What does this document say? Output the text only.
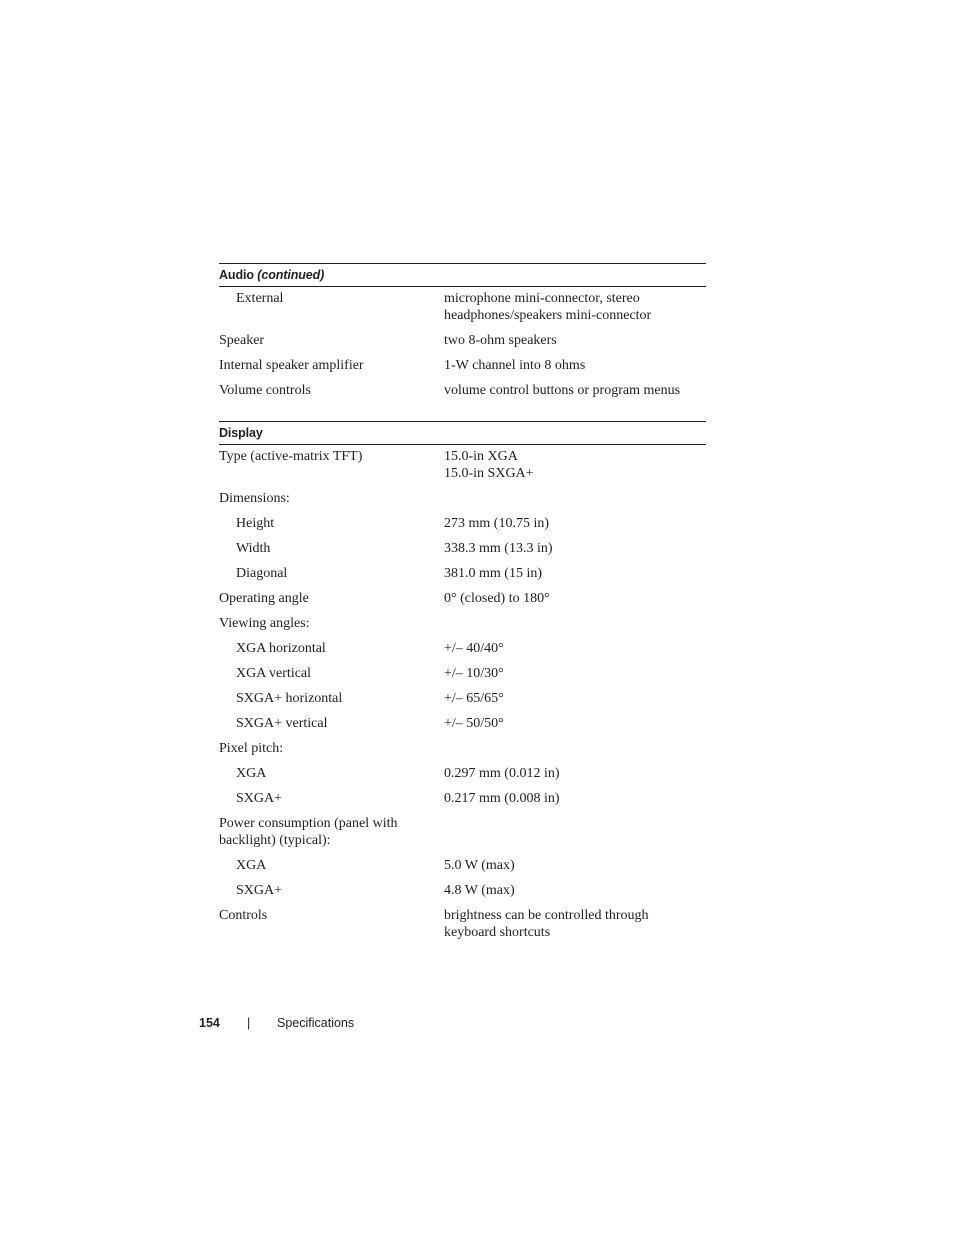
Audio (continued)
External	microphone mini-connector, stereo
headphones/speakers mini-connector
Speaker	two 8-ohm speakers
Internal speaker amplifier	1-W channel into 8 ohms
Volume controls	volume control buttons or program menus
Display
Type (active-matrix TFT)	15.0-in XGA
15.0-in SXGA+
Dimensions:
Height	273 mm (10.75 in)
Width	338.3 mm (13.3 in)
Diagonal	381.0 mm (15 in)
Operating angle	0° (closed) to 180°
Viewing angles:
XGA horizontal	+/– 40/40°
XGA vertical	+/– 10/30°
SXGA+ horizontal	+/– 65/65°
SXGA+ vertical	+/– 50/50°
Pixel pitch:
XGA	0.297 mm (0.012 in)
SXGA+	0.217 mm (0.008 in)
Power consumption (panel with backlight) (typical):
XGA	5.0 W (max)
SXGA+	4.8 W (max)
Controls	brightness can be controlled through
keyboard shortcuts
154	|	Specifications
